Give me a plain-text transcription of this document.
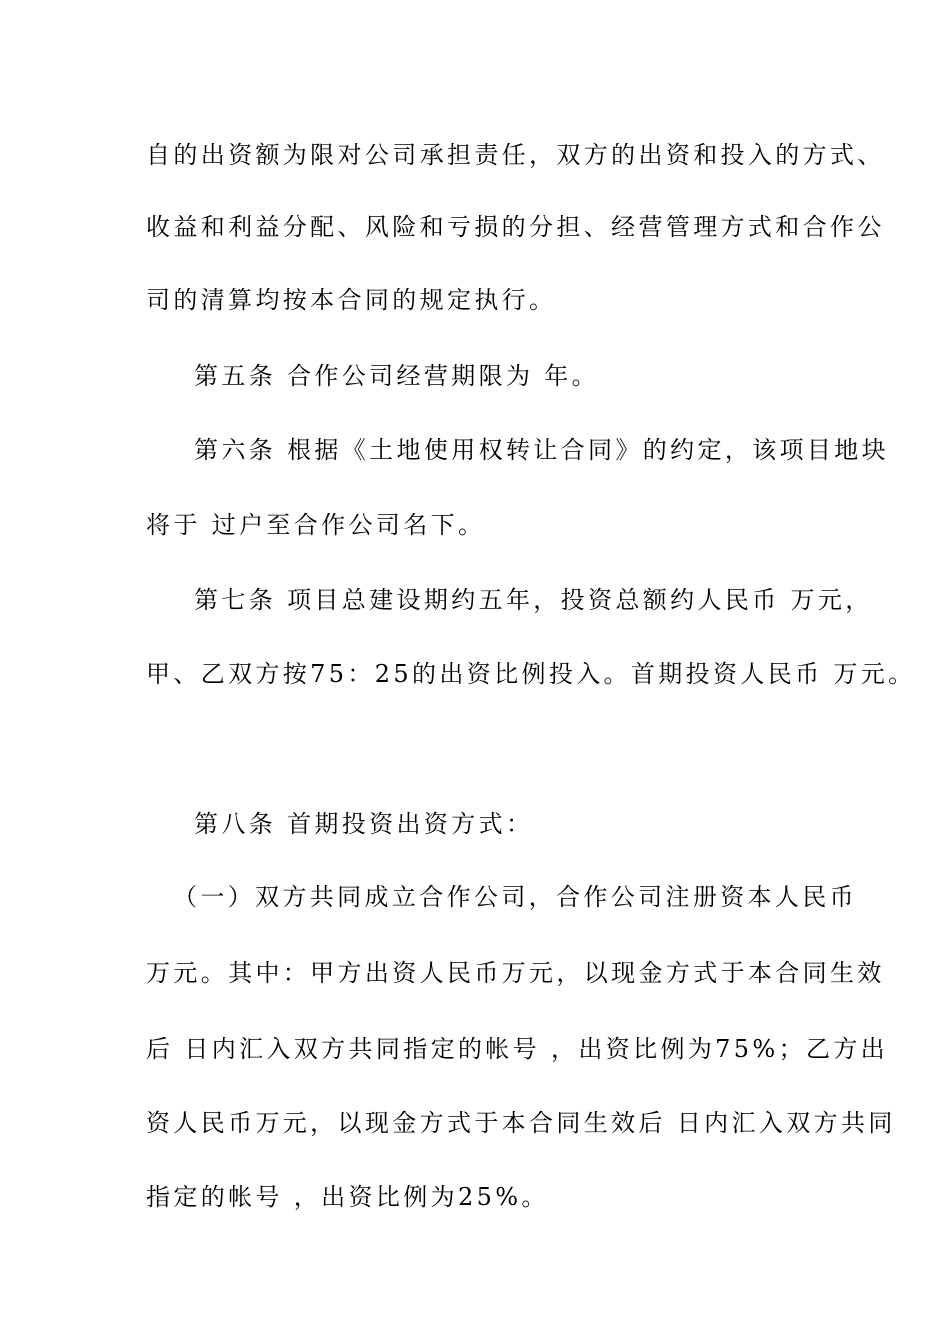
自的出资额为限对公司承担责任，双方的出资和投入的方式、
收益和利益分配、风险和亏损的分担、经营管理方式和合作公
司的清算均按本合同的规定执行。
第五条 合作公司经营期限为 年。
第六条 根据《土地使用权转让合同》的约定，该项目地块
将于 过户至合作公司名下。
第七条 项目总建设期约五年，投资总额约人民币 万元，
甲、乙双方按75：25的出资比例投入。首期投资人民币 万元。
第八条 首期投资出资方式：
（一）双方共同成立合作公司，合作公司注册资本人民币
万元。其中：甲方出资人民币万元，以现金方式于本合同生效
后 日内汇入双方共同指定的帐号 ，出资比例为75%；乙方出
资人民币万元，以现金方式于本合同生效后 日内汇入双方共同
指定的帐号 ，出资比例为25%。
